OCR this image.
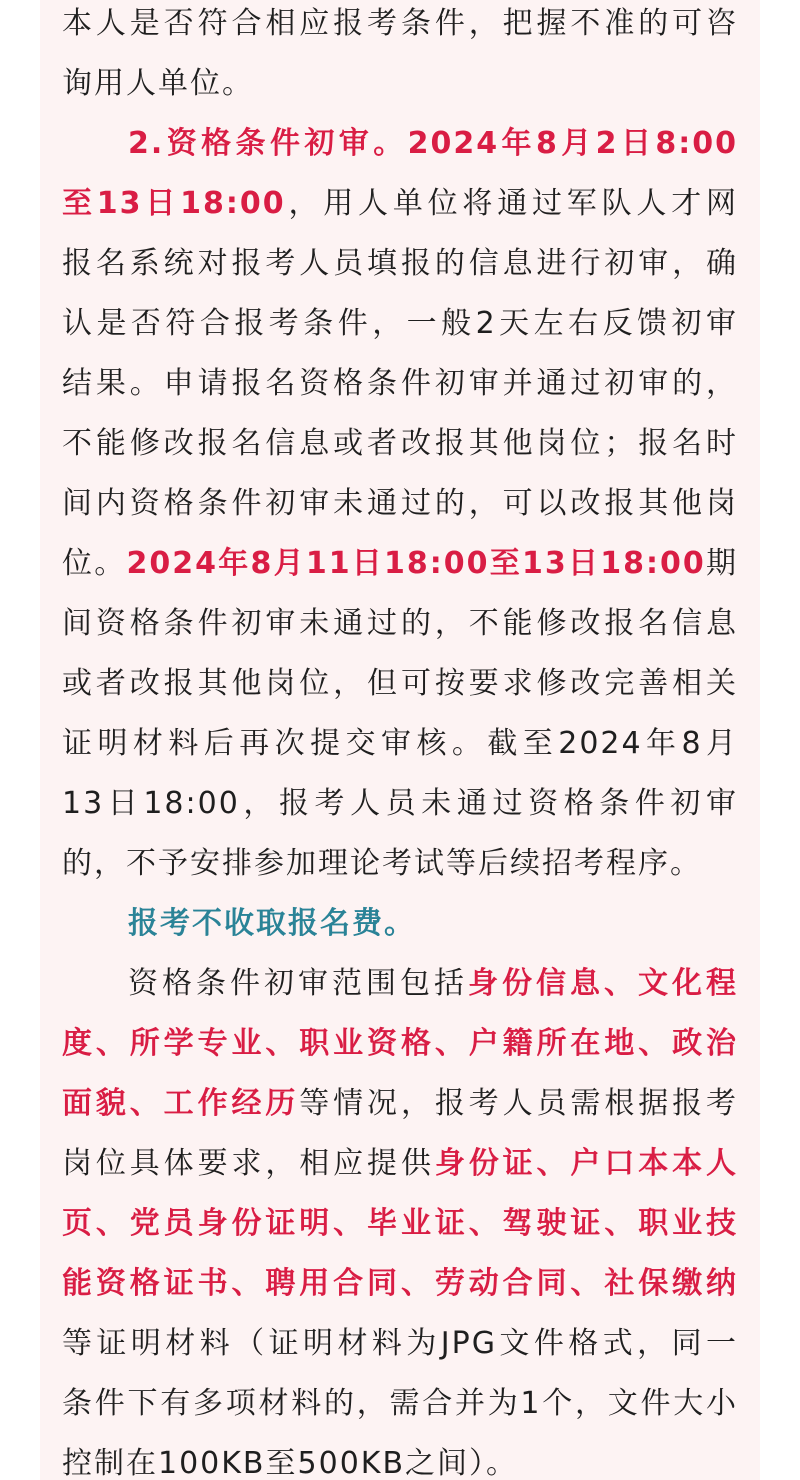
本人是否符合相应报考条件，把握不准的可咨
询用人单位。
2.资格条件初审。2024年8月2日8:00
至13日18:00，用人单位将通过军队人才网
报名系统对报考人员填报的信息进行初审，确
认是否符合报考条件，一般2天左右反馈初审
结果。申请报名资格条件初审并通过初审的，
不能修改报名信息或者改报其他岗位；报名时
间内资格条件初审未通过的，可以改报其他岗
位。2024年8月11日18:00至13日18:00期
间资格条件初审未通过的，不能修改报名信息
或者改报其他岗位，但可按要求修改完善相关
证明材料后再次提交审核。截至2024年8月
13日18:00，报考人员未通过资格条件初审
的，不予安排参加理论考试等后续招考程序。
报考不收取报名费。
资格条件初审范围包括身份信息、文化程
度、所学专业、职业资格、户籍所在地、政治
面貌、工作经历等情况，报考人员需根据报考
岗位具体要求，相应提供身份证、户口本本人
页、党员身份证明、毕业证、驾驶证、职业技
能资格证书、聘用合同、劳动合同、社保缴纳
等证明材料（证明材料为JPG文件格式，同一
条件下有多项材料的，需合并为1个，文件大小
控制在100KB至500KB之间）。
